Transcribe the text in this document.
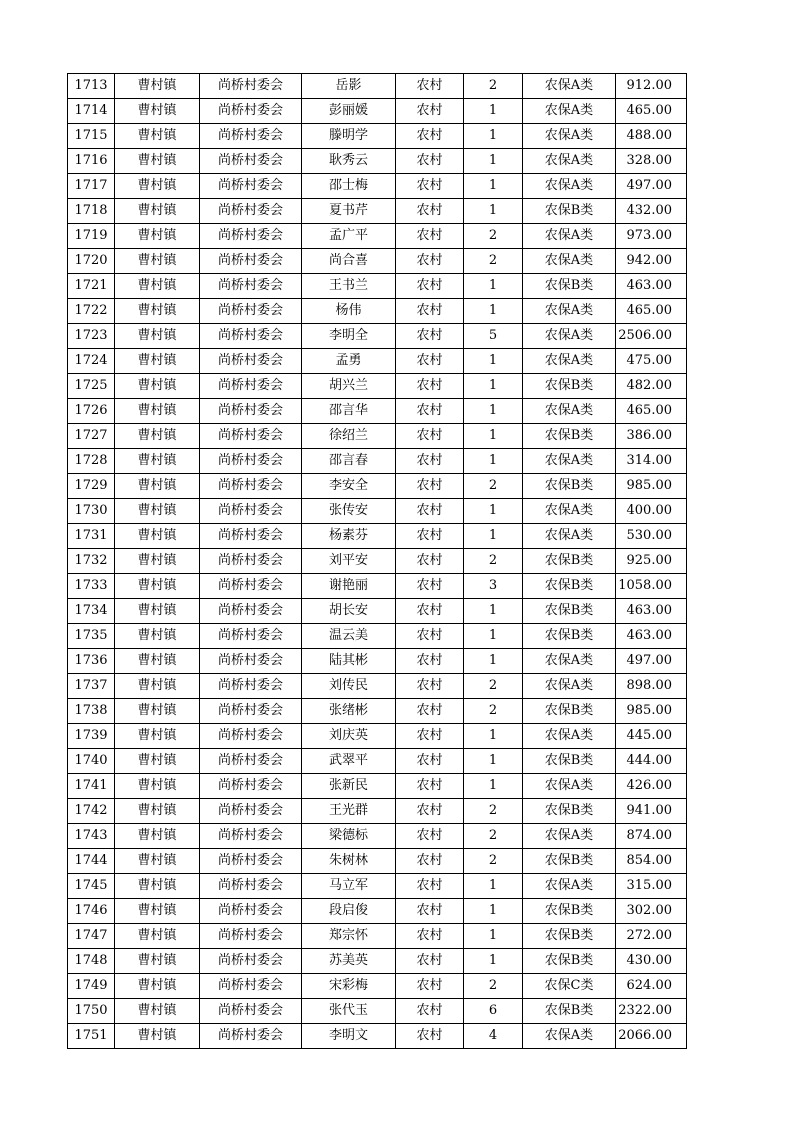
1713	曹村镇	尚桥村委会	岳影	农村	2	农保A类	912.00
1714	曹村镇	尚桥村委会	彭丽媛	农村	1	农保A类	465.00
1715	曹村镇	尚桥村委会	滕明学	农村	1	农保A类	488.00
1716	曹村镇	尚桥村委会	耿秀云	农村	1	农保A类	328.00
1717	曹村镇	尚桥村委会	邵士梅	农村	1	农保A类	497.00
1718	曹村镇	尚桥村委会	夏书芹	农村	1	农保B类	432.00
1719	曹村镇	尚桥村委会	孟广平	农村	2	农保A类	973.00
1720	曹村镇	尚桥村委会	尚合喜	农村	2	农保A类	942.00
1721	曹村镇	尚桥村委会	王书兰	农村	1	农保B类	463.00
1722	曹村镇	尚桥村委会	杨伟	农村	1	农保A类	465.00
1723	曹村镇	尚桥村委会	李明全	农村	5	农保A类	2506.00
1724	曹村镇	尚桥村委会	孟勇	农村	1	农保A类	475.00
1725	曹村镇	尚桥村委会	胡兴兰	农村	1	农保B类	482.00
1726	曹村镇	尚桥村委会	邵言华	农村	1	农保A类	465.00
1727	曹村镇	尚桥村委会	徐绍兰	农村	1	农保B类	386.00
1728	曹村镇	尚桥村委会	邵言春	农村	1	农保A类	314.00
1729	曹村镇	尚桥村委会	李安全	农村	2	农保B类	985.00
1730	曹村镇	尚桥村委会	张传安	农村	1	农保A类	400.00
1731	曹村镇	尚桥村委会	杨素芬	农村	1	农保A类	530.00
1732	曹村镇	尚桥村委会	刘平安	农村	2	农保B类	925.00
1733	曹村镇	尚桥村委会	谢艳丽	农村	3	农保B类	1058.00
1734	曹村镇	尚桥村委会	胡长安	农村	1	农保B类	463.00
1735	曹村镇	尚桥村委会	温云美	农村	1	农保B类	463.00
1736	曹村镇	尚桥村委会	陆其彬	农村	1	农保A类	497.00
1737	曹村镇	尚桥村委会	刘传民	农村	2	农保A类	898.00
1738	曹村镇	尚桥村委会	张绪彬	农村	2	农保B类	985.00
1739	曹村镇	尚桥村委会	刘庆英	农村	1	农保A类	445.00
1740	曹村镇	尚桥村委会	武翠平	农村	1	农保B类	444.00
1741	曹村镇	尚桥村委会	张新民	农村	1	农保A类	426.00
1742	曹村镇	尚桥村委会	王光群	农村	2	农保B类	941.00
1743	曹村镇	尚桥村委会	梁德标	农村	2	农保A类	874.00
1744	曹村镇	尚桥村委会	朱树林	农村	2	农保B类	854.00
1745	曹村镇	尚桥村委会	马立军	农村	1	农保A类	315.00
1746	曹村镇	尚桥村委会	段启俊	农村	1	农保B类	302.00
1747	曹村镇	尚桥村委会	郑宗怀	农村	1	农保B类	272.00
1748	曹村镇	尚桥村委会	苏美英	农村	1	农保B类	430.00
1749	曹村镇	尚桥村委会	宋彩梅	农村	2	农保C类	624.00
1750	曹村镇	尚桥村委会	张代玉	农村	6	农保B类	2322.00
1751	曹村镇	尚桥村委会	李明文	农村	4	农保A类	2066.00
